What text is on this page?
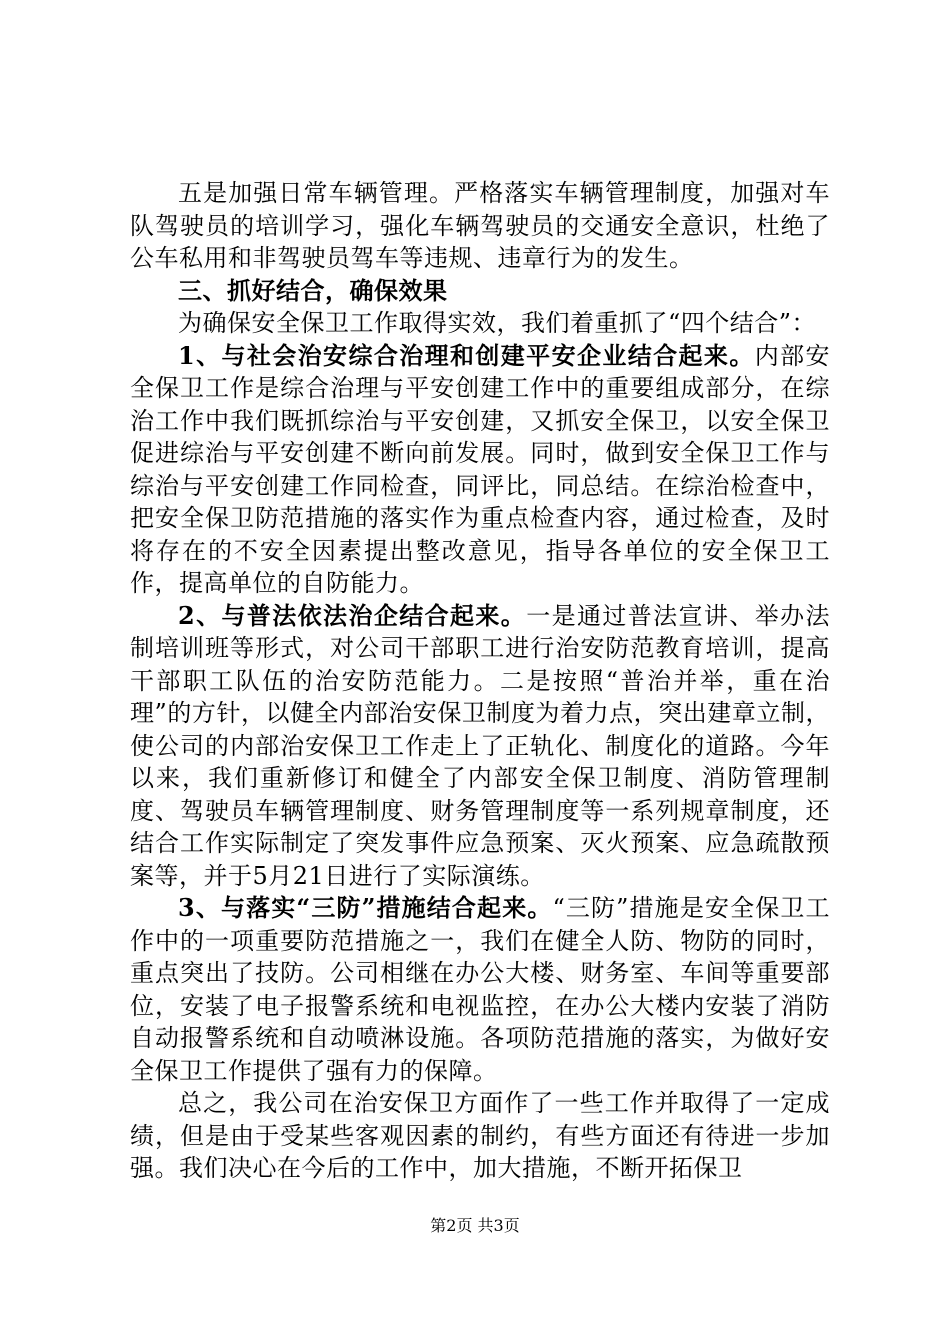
五是加强日常车辆管理。严格落实车辆管理制度，加强对车队驾驶员的培训学习，强化车辆驾驶员的交通安全意识，杜绝了公车私用和非驾驶员驾车等违规、违章行为的发生。

三、抓好结合，确保效果

为确保安全保卫工作取得实效，我们着重抓了“四个结合”：

1、与社会治安综合治理和创建平安企业结合起来。内部安全保卫工作是综合治理与平安创建工作中的重要组成部分，在综治工作中我们既抓综治与平安创建，又抓安全保卫，以安全保卫促进综治与平安创建不断向前发展。同时，做到安全保卫工作与综治与平安创建工作同检查，同评比，同总结。在综治检查中，把安全保卫防范措施的落实作为重点检查内容，通过检查，及时将存在的不安全因素提出整改意见，指导各单位的安全保卫工作，提高单位的自防能力。

2、与普法依法治企结合起来。一是通过普法宣讲、举办法制培训班等形式，对公司干部职工进行治安防范教育培训，提高干部职工队伍的治安防范能力。二是按照“普治并举，重在治理”的方针，以健全内部治安保卫制度为着力点，突出建章立制，使公司的内部治安保卫工作走上了正轨化、制度化的道路。今年以来，我们重新修订和健全了内部安全保卫制度、消防管理制度、驾驶员车辆管理制度、财务管理制度等一系列规章制度，还结合工作实际制定了突发事件应急预案、灭火预案、应急疏散预案等，并于5月21日进行了实际演练。

3、与落实“三防”措施结合起来。“三防”措施是安全保卫工作中的一项重要防范措施之一，我们在健全人防、物防的同时，重点突出了技防。公司相继在办公大楼、财务室、车间等重要部位，安装了电子报警系统和电视监控，在办公大楼内安装了消防自动报警系统和自动喷淋设施。各项防范措施的落实，为做好安全保卫工作提供了强有力的保障。

总之，我公司在治安保卫方面作了一些工作并取得了一定成绩，但是由于受某些客观因素的制约，有些方面还有待进一步加强。我们决心在今后的工作中，加大措施，不断开拓保卫

第2页 共3页
